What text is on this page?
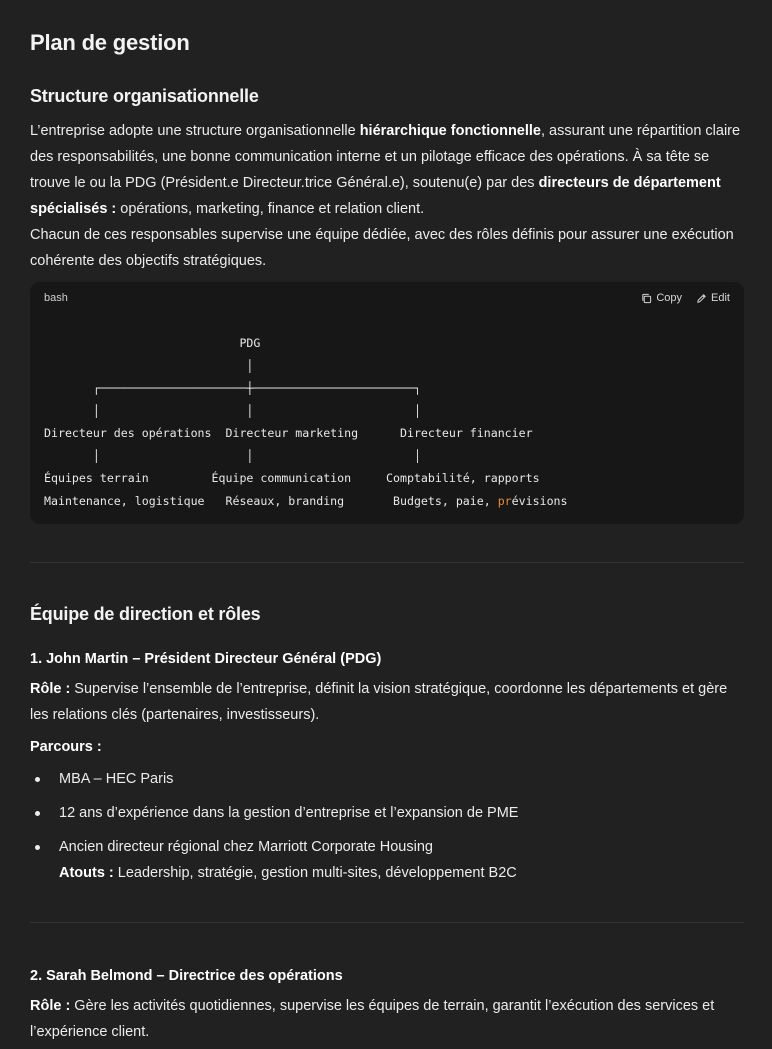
Plan de gestion
Structure organisationnelle

L’entreprise adopte une structure organisationnelle hiérarchique fonctionnelle, assurant une répartition claire des responsabilités, une bonne communication interne et un pilotage efficace des opérations. À sa tête se trouve le ou la PDG (Président.e Directeur.trice Général.e), soutenu(e) par des directeurs de département spécialisés : opérations, marketing, finance et relation client.

Chacun de ces responsables supervise une équipe dédiée, avec des rôles définis pour assurer une exécution cohérente des objectifs stratégiques.

bash	Copy	Edit
PDG
│
┌─────────────────────┼───────────────────────┐
│                     │                       │
Directeur des opérations  Directeur marketing      Directeur financier
│                     │                       │
Équipes terrain         Équipe communication     Comptabilité, rapports
Maintenance, logistique   Réseaux, branding       Budgets, paie, prévisions
Équipe de direction et rôles

1. John Martin – Président Directeur Général (PDG)

Rôle : Supervise l’ensemble de l’entreprise, définit la vision stratégique, coordonne les départements et gère les relations clés (partenaires, investisseurs).

Parcours :

MBA – HEC Paris
12 ans d’expérience dans la gestion d’entreprise et l’expansion de PME
Ancien directeur régional chez Marriott Corporate Housing
Atouts : Leadership, stratégie, gestion multi-sites, développement B2C

2. Sarah Belmond – Directrice des opérations

Rôle : Gère les activités quotidiennes, supervise les équipes de terrain, garantit l’exécution des services et l’expérience client.
